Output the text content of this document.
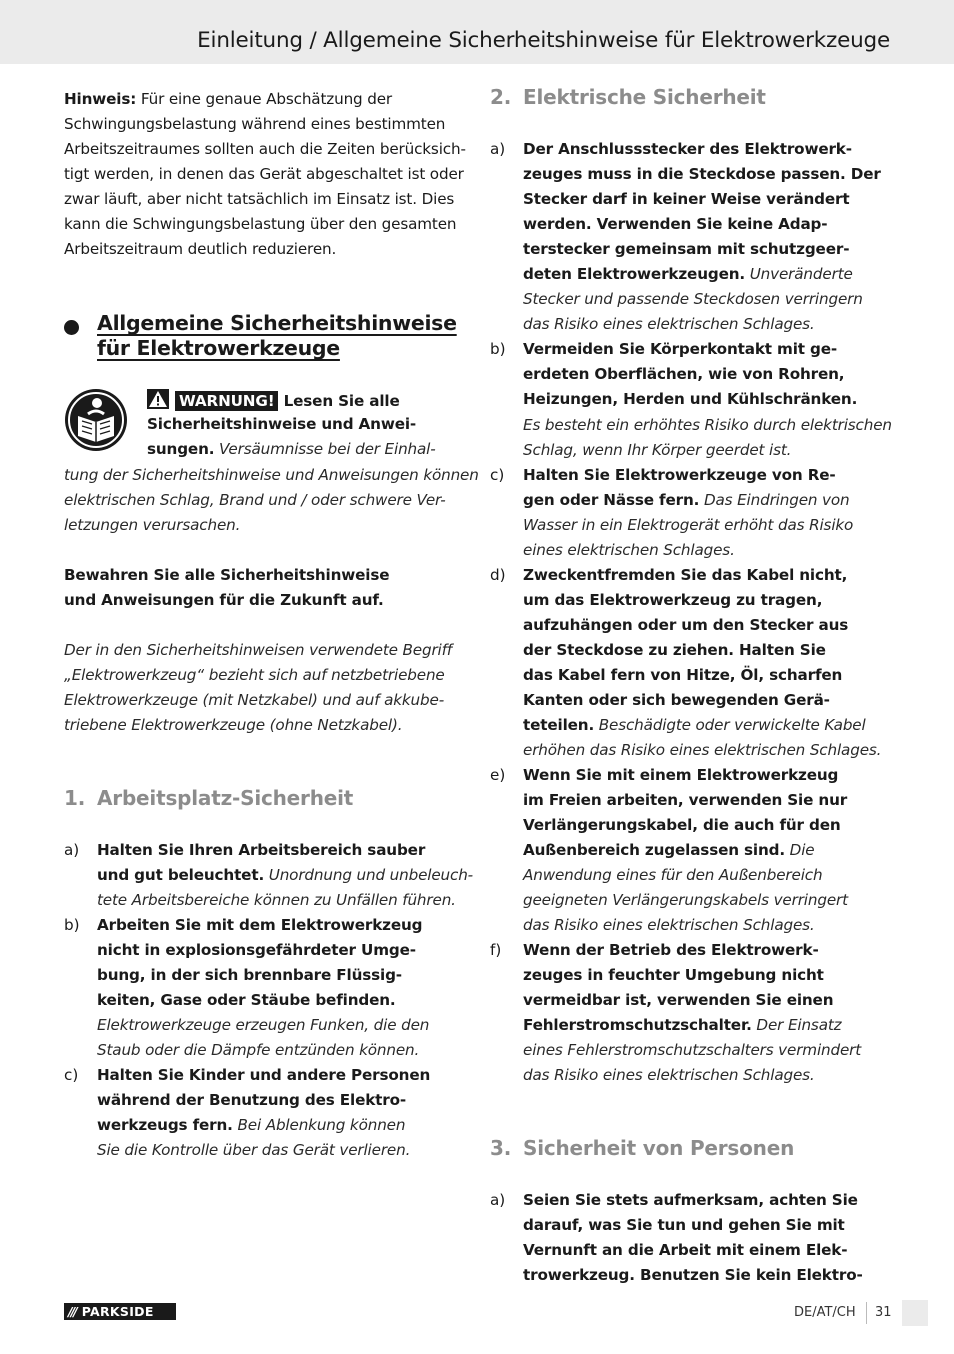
Einleitung / Allgemeine Sicherheitshinweise für Elektrowerkzeuge
Hinweis: Für eine genaue Abschätzung der
Schwingungsbelastung während eines bestimmten
Arbeitszeitraumes sollten auch die Zeiten berücksich-
tigt werden, in denen das Gerät abgeschaltet ist oder
zwar läuft, aber nicht tatsächlich im Einsatz ist. Dies
kann die Schwingungsbelastung über den gesamten
Arbeitszeitraum deutlich reduzieren.
Allgemeine Sicherheitshinweise
für Elektrowerkzeuge
WARNUNG! Lesen Sie alle
Sicherheitshinweise und Anwei-
sungen. Versäumnisse bei der Einhal-
tung der Sicherheitshinweise und Anweisungen können
elektrischen Schlag, Brand und / oder schwere Ver-
letzungen verursachen.
Bewahren Sie alle Sicherheitshinweise
und Anweisungen für die Zukunft auf.
Der in den Sicherheitshinweisen verwendete Begriff
„Elektrowerkzeug“ bezieht sich auf netzbetriebene
Elektrowerkzeuge (mit Netzkabel) und auf akkube-
triebene Elektrowerkzeuge (ohne Netzkabel).
1. Arbeitsplatz-Sicherheit
a) Halten Sie Ihren Arbeitsbereich sauber
und gut beleuchtet. Unordnung und unbeleuch-
tete Arbeitsbereiche können zu Unfällen führen.
b) Arbeiten Sie mit dem Elektrowerkzeug
nicht in explosionsgefährdeter Umge-
bung, in der sich brennbare Flüssig-
keiten, Gase oder Stäube befinden.
Elektrowerkzeuge erzeugen Funken, die den
Staub oder die Dämpfe entzünden können.
c) Halten Sie Kinder und andere Personen
während der Benutzung des Elektro-
werkzeugs fern. Bei Ablenkung können
Sie die Kontrolle über das Gerät verlieren.
2. Elektrische Sicherheit
a) Der Anschlussstecker des Elektrowerk-
zeuges muss in die Steckdose passen. Der
Stecker darf in keiner Weise verändert
werden. Verwenden Sie keine Adap-
terstecker gemeinsam mit schutzgeer-
deten Elektrowerkzeugen. Unveränderte
Stecker und passende Steckdosen verringern
das Risiko eines elektrischen Schlages.
b) Vermeiden Sie Körperkontakt mit ge-
erdeten Oberflächen, wie von Rohren,
Heizungen, Herden und Kühlschränken.
Es besteht ein erhöhtes Risiko durch elektrischen
Schlag, wenn Ihr Körper geerdet ist.
c) Halten Sie Elektrowerkzeuge von Re-
gen oder Nässe fern. Das Eindringen von
Wasser in ein Elektrogerät erhöht das Risiko
eines elektrischen Schlages.
d) Zweckentfremden Sie das Kabel nicht,
um das Elektrowerkzeug zu tragen,
aufzuhängen oder um den Stecker aus
der Steckdose zu ziehen. Halten Sie
das Kabel fern von Hitze, Öl, scharfen
Kanten oder sich bewegenden Gerä-
teteilen. Beschädigte oder verwickelte Kabel
erhöhen das Risiko eines elektrischen Schlages.
e) Wenn Sie mit einem Elektrowerkzeug
im Freien arbeiten, verwenden Sie nur
Verlängerungskabel, die auch für den
Außenbereich zugelassen sind. Die
Anwendung eines für den Außenbereich
geeigneten Verlängerungskabels verringert
das Risiko eines elektrischen Schlages.
f) Wenn der Betrieb des Elektrowerk-
zeuges in feuchter Umgebung nicht
vermeidbar ist, verwenden Sie einen
Fehlerstromschutzschalter. Der Einsatz
eines Fehlerstromschutzschalters vermindert
das Risiko eines elektrischen Schlages.
3. Sicherheit von Personen
a) Seien Sie stets aufmerksam, achten Sie
darauf, was Sie tun und gehen Sie mit
Vernunft an die Arbeit mit einem Elek-
trowerkzeug. Benutzen Sie kein Elektro-
/// PARKSIDE	DE/AT/CH 31
